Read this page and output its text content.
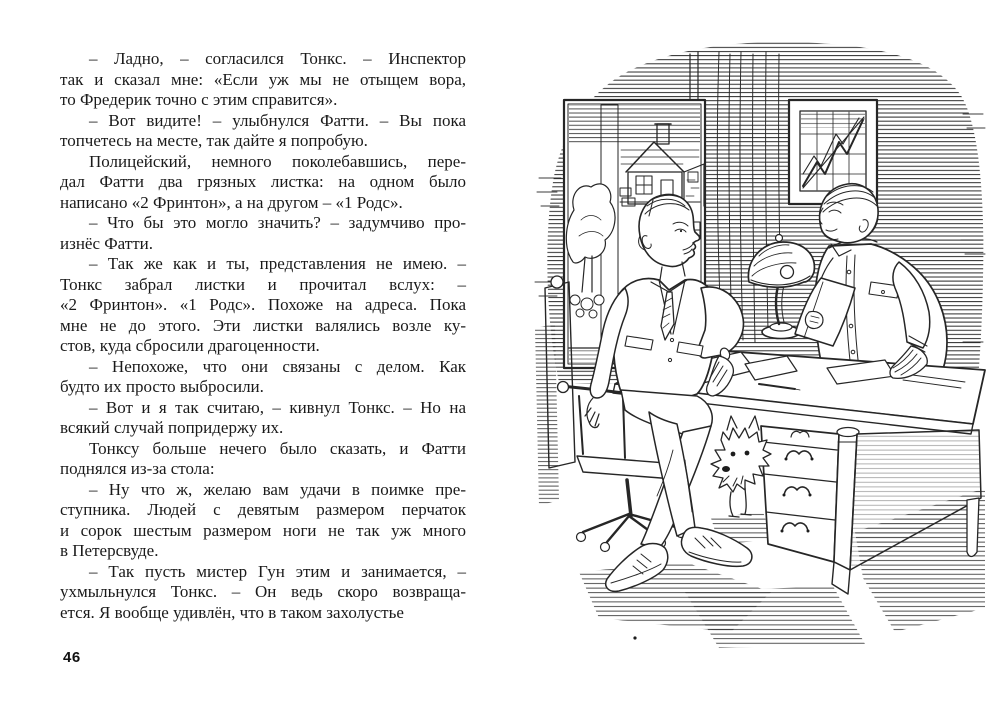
– Ладно, – согласился Тонкс. – Инспектор
так и сказал мне: «Если уж мы не отыщем вора,
то Фредерик точно с этим справится».

– Вот видите! – улыбнулся Фатти. – Вы пока
топчетесь на месте, так дайте я попробую.

Полицейский, немного поколебавшись, пере-
дал Фатти два грязных листка: на одном было
написано «2 Фринтон», а на другом – «1 Родс».

– Что бы это могло значить? – задумчиво про-
изнёс Фатти.

– Так же как и ты, представления не имею. –
Тонкс забрал листки и прочитал вслух: –
«2 Фринтон». «1 Родс». Похоже на адреса. Пока
мне не до этого. Эти листки валялись возле ку-
стов, куда сбросили драгоценности.

– Непохоже, что они связаны с делом. Как
будто их просто выбросили.

– Вот и я так считаю, – кивнул Тонкс. – Но на
всякий случай попридержу их.

Тонксу больше нечего было сказать, и Фатти
поднялся из-за стола:

– Ну что ж, желаю вам удачи в поимке пре-
ступника. Людей с девятым размером перчаток
и сорок шестым размером ноги не так уж много
в Петерсвуде.

– Так пусть мистер Гун этим и занимается, –
ухмыльнулся Тонкс. – Он ведь скоро возвраща-
ется. Я вообще удивлён, что в таком захолустье

46
